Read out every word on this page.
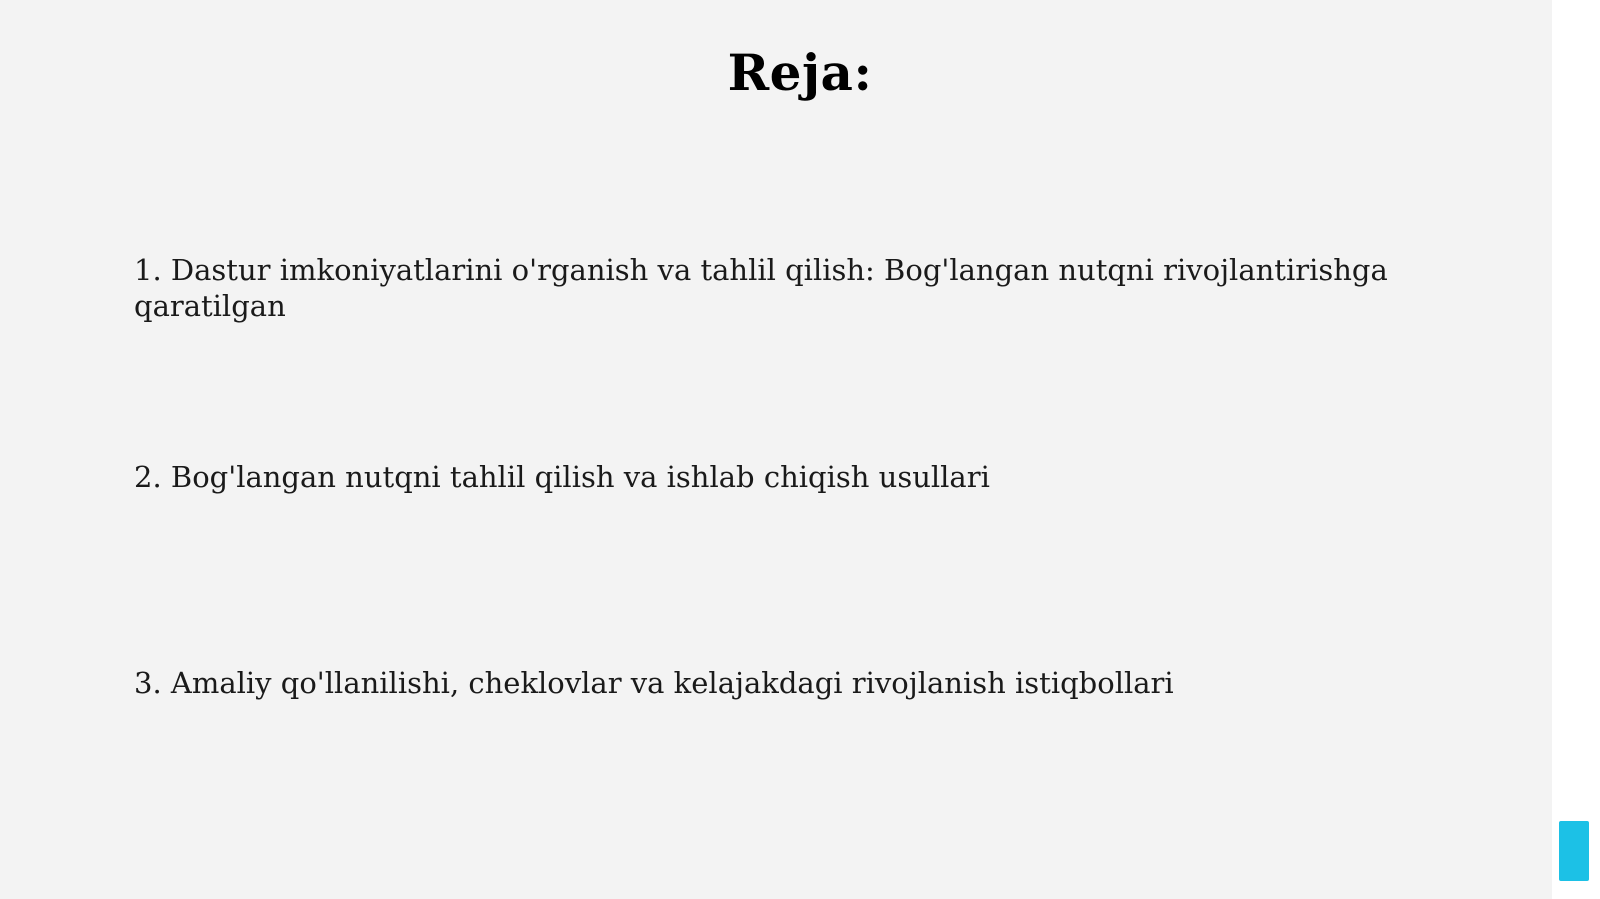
Reja:

1. Dastur imkoniyatlarini o'rganish va tahlil qilish: Bog'langan nutqni rivojlantirishga qaratilgan

2. Bog'langan nutqni tahlil qilish va ishlab chiqish usullari

3. Amaliy qo'llanilishi, cheklovlar va kelajakdagi rivojlanish istiqbollari
